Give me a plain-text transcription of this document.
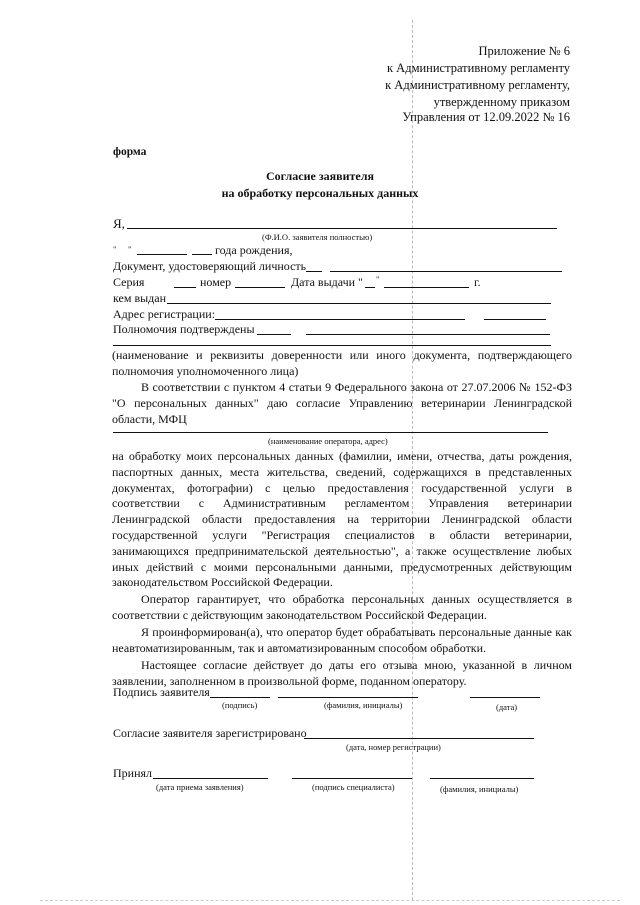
Приложение № 6
к Административному регламенту
к Административному регламенту,
утвержденному приказом
Управления от 12.09.2022 № 16
форма
Согласие заявителя
на обработку персональных данных
Я,
(Ф.И.О. заявителя полностью)
" "	года рождения,
Документ, удостоверяющий личность
Серия	номер	Дата выдачи " "	г.
кем выдан
Адрес регистрации:
Полномочия подтверждены
(наименование и реквизиты доверенности или иного документа, подтверждающего полномочия уполномоченного лица)
В соответствии с пунктом 4 статьи 9 Федерального закона от 27.07.2006 № 152-ФЗ "О персональных данных" даю согласие Управлению ветеринарии Ленинградской области, МФЦ
(наименование оператора, адрес)
на обработку моих персональных данных (фамилии, имени, отчества, даты рождения, паспортных данных, места жительства, сведений, содержащихся в представленных документах, фотографии) с целью предоставления государственной услуги в соответствии с Административным регламентом Управления ветеринарии Ленинградской области предоставления на территории Ленинградской области государственной услуги "Регистрация специалистов в области ветеринарии, занимающихся предпринимательской деятельностью", а также осуществление любых иных действий с моими персональными данными, предусмотренных действующим законодательством Российской Федерации.
Оператор гарантирует, что обработка персональных данных осуществляется в соответствии с действующим законодательством Российской Федерации.
Я проинформирован(а), что оператор будет обрабатывать персональные данные как неавтоматизированным, так и автоматизированным способом обработки.
Настоящее согласие действует до даты его отзыва мною, указанной в личном заявлении, заполненном в произвольной форме, поданном оператору.
Подпись заявителя
(подпись)	(фамилия, инициалы)	(дата)
Согласие заявителя зарегистрировано
(дата, номер регистрации)
Принял
(дата приема заявления)	(подпись специалиста)	(фамилия, инициалы)
